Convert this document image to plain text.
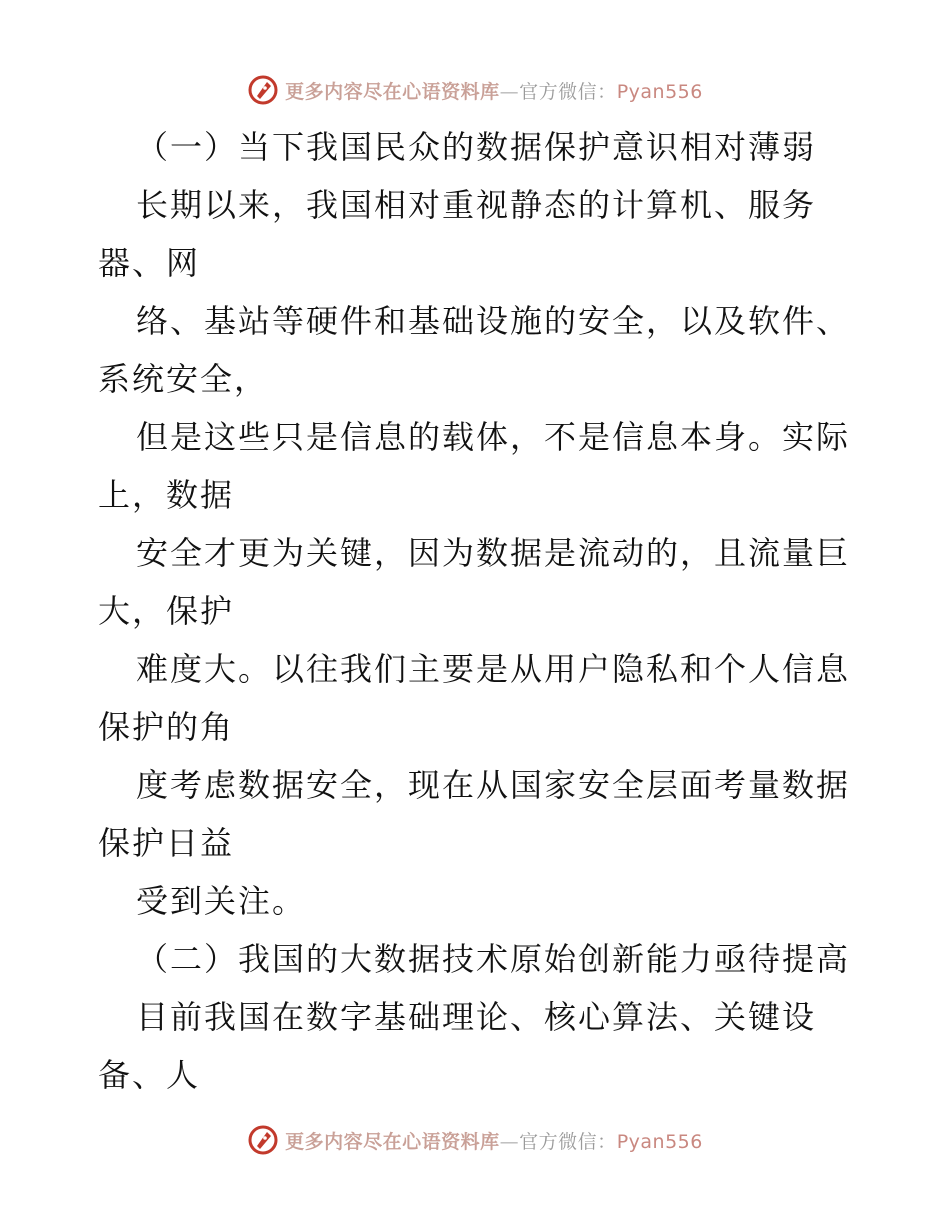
更多内容尽在心语资料库—官方微信：Pyan556
（一）当下我国民众的数据保护意识相对薄弱
长期以来，我国相对重视静态的计算机、服务
器、网
络、基站等硬件和基础设施的安全，以及软件、
系统安全，
但是这些只是信息的载体，不是信息本身。实际
上，数据
安全才更为关键，因为数据是流动的，且流量巨
大，保护
难度大。以往我们主要是从用户隐私和个人信息
保护的角
度考虑数据安全，现在从国家安全层面考量数据
保护日益
受到关注。
（二）我国的大数据技术原始创新能力亟待提高
目前我国在数字基础理论、核心算法、关键设
备、人
更多内容尽在心语资料库—官方微信：Pyan556
